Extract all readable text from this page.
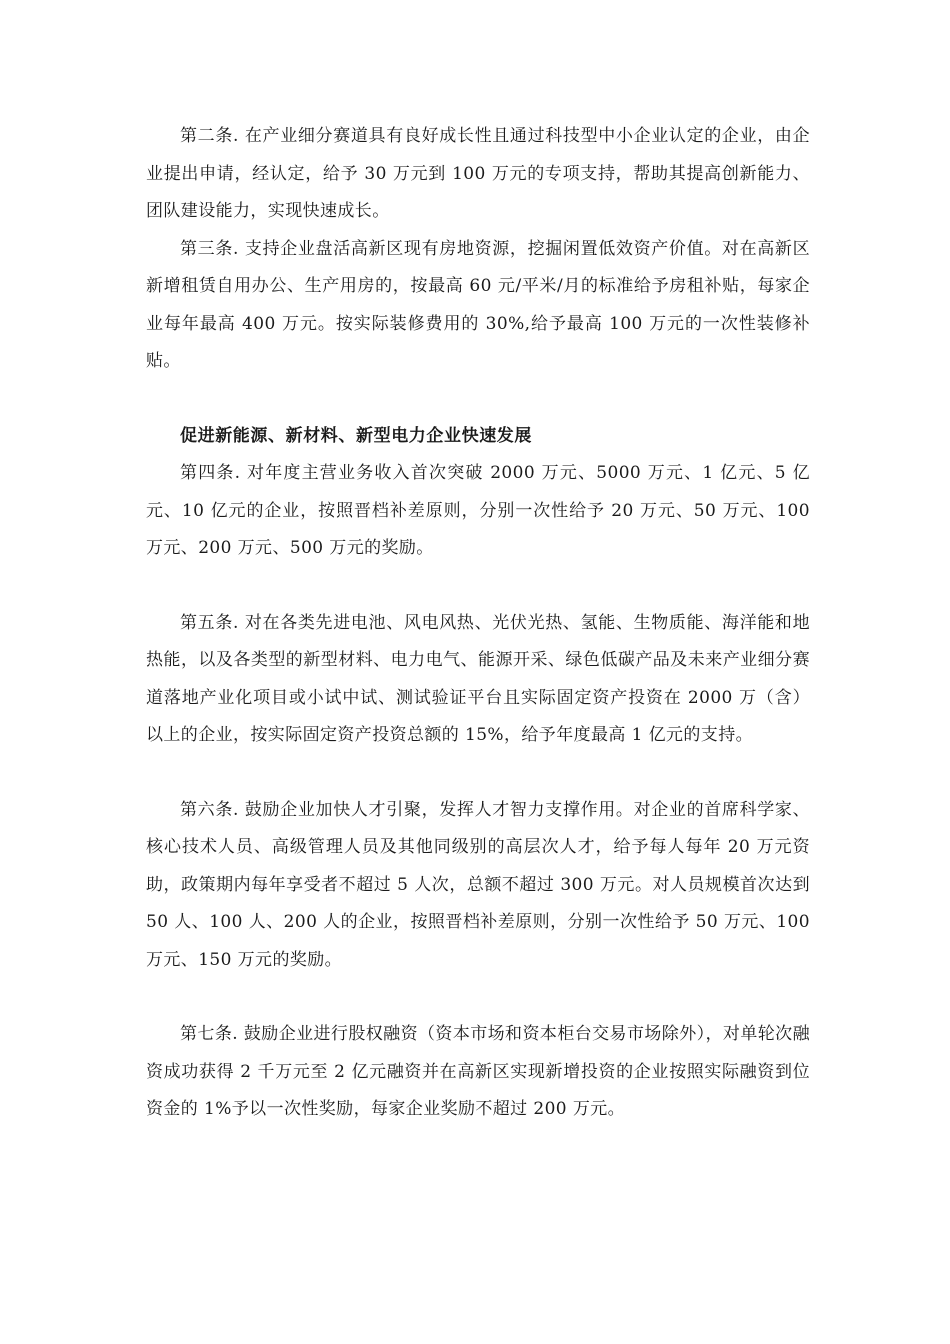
第二条. 在产业细分赛道具有良好成长性且通过科技型中小企业认定的企业，由企业提出申请，经认定，给予 30 万元到 100 万元的专项支持，帮助其提高创新能力、团队建设能力，实现快速成长。

第三条. 支持企业盘活高新区现有房地资源，挖掘闲置低效资产价值。对在高新区新增租赁自用办公、生产用房的，按最高 60 元/平米/月的标准给予房租补贴，每家企业每年最高 400 万元。按实际装修费用的 30%,给予最高 100 万元的一次性装修补贴。

促进新能源、新材料、新型电力企业快速发展

第四条. 对年度主营业务收入首次突破 2000 万元、5000 万元、1 亿元、5 亿元、10 亿元的企业，按照晋档补差原则，分别一次性给予 20 万元、50 万元、100 万元、200 万元、500 万元的奖励。

第五条. 对在各类先进电池、风电风热、光伏光热、氢能、生物质能、海洋能和地热能，以及各类型的新型材料、电力电气、能源开采、绿色低碳产品及未来产业细分赛道落地产业化项目或小试中试、测试验证平台且实际固定资产投资在 2000 万（含）以上的企业，按实际固定资产投资总额的 15%，给予年度最高 1 亿元的支持。

第六条. 鼓励企业加快人才引聚，发挥人才智力支撑作用。对企业的首席科学家、核心技术人员、高级管理人员及其他同级别的高层次人才，给予每人每年 20 万元资助，政策期内每年享受者不超过 5 人次，总额不超过 300 万元。对人员规模首次达到 50 人、100 人、200 人的企业，按照晋档补差原则，分别一次性给予 50 万元、100 万元、150 万元的奖励。

第七条. 鼓励企业进行股权融资（资本市场和资本柜台交易市场除外），对单轮次融资成功获得 2 千万元至 2 亿元融资并在高新区实现新增投资的企业按照实际融资到位资金的 1%予以一次性奖励，每家企业奖励不超过 200 万元。
